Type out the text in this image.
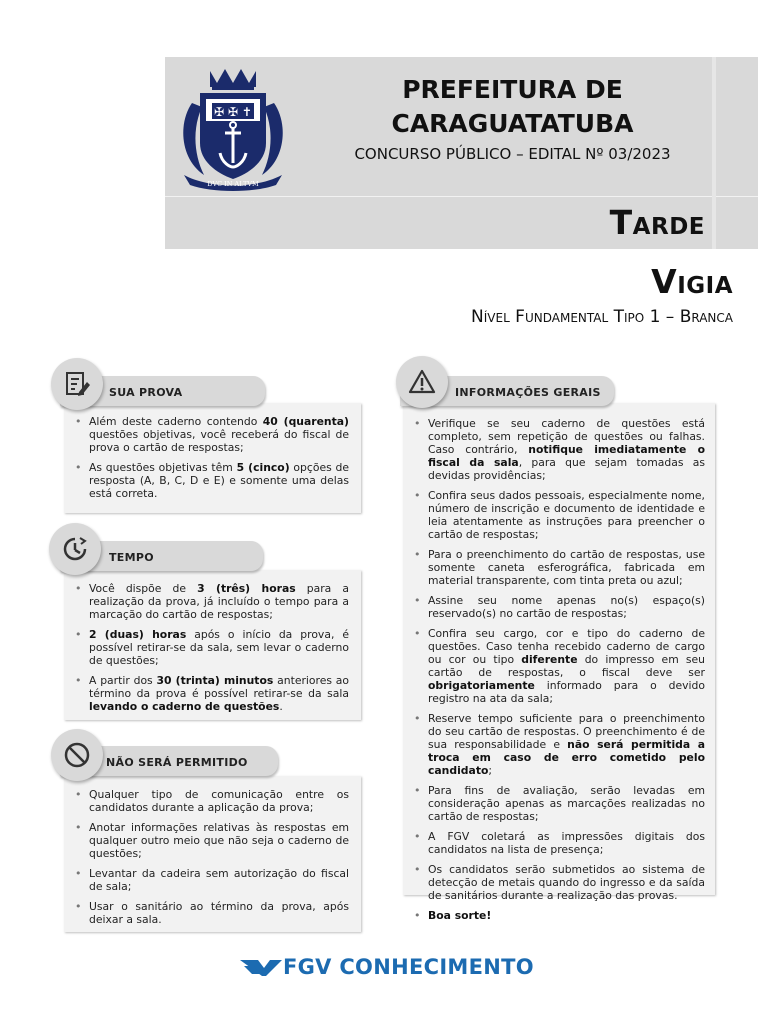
✠ ✠ ✝
DVC IN ALTVM
PREFEITURA DE
CARAGUATATUBA
CONCURSO PÚBLICO – EDITAL Nº 03/2023
Tarde
Vigia
Nível Fundamental Tipo 1 – Branca
• Além deste caderno contendo 40 (quarenta) questões objetivas, você receberá do fiscal de prova o cartão de respostas;
• As questões objetivas têm 5 (cinco) opções de resposta (A, B, C, D e E) e somente uma delas está correta.
SUA PROVA
• Você dispõe de 3 (três) horas para a realização da prova, já incluído o tempo para a marcação do cartão de respostas;
• 2 (duas) horas após o início da prova, é possível retirar-se da sala, sem levar o caderno de questões;
• A partir dos 30 (trinta) minutos anteriores ao término da prova é possível retirar-se da sala levando o caderno de questões.
TEMPO
• Qualquer tipo de comunicação entre os candidatos durante a aplicação da prova;
• Anotar informações relativas às respostas em qualquer outro meio que não seja o caderno de questões;
• Levantar da cadeira sem autorização do fiscal de sala;
• Usar o sanitário ao término da prova, após deixar a sala.
NÃO SERÁ PERMITIDO
• Verifique se seu caderno de questões está completo, sem repetição de questões ou falhas. Caso contrário, notifique imediatamente o fiscal da sala, para que sejam tomadas as devidas providências;
• Confira seus dados pessoais, especialmente nome, número de inscrição e documento de identidade e leia atentamente as instruções para preencher o cartão de respostas;
• Para o preenchimento do cartão de respostas, use somente caneta esferográfica, fabricada em material transparente, com tinta preta ou azul;
• Assine seu nome apenas no(s) espaço(s) reservado(s) no cartão de respostas;
• Confira seu cargo, cor e tipo do caderno de questões. Caso tenha recebido caderno de cargo ou cor ou tipo diferente do impresso em seu cartão de respostas, o fiscal deve ser obrigatoriamente informado para o devido registro na ata da sala;
• Reserve tempo suficiente para o preenchimento do seu cartão de respostas. O preenchimento é de sua responsabilidade e não será permitida a troca em caso de erro cometido pelo candidato;
• Para fins de avaliação, serão levadas em consideração apenas as marcações realizadas no cartão de respostas;
• A FGV coletará as impressões digitais dos candidatos na lista de presença;
• Os candidatos serão submetidos ao sistema de detecção de metais quando do ingresso e da saída de sanitários durante a realização das provas.
• Boa sorte!
INFORMAÇÕES GERAIS
FGV CONHECIMENTO
